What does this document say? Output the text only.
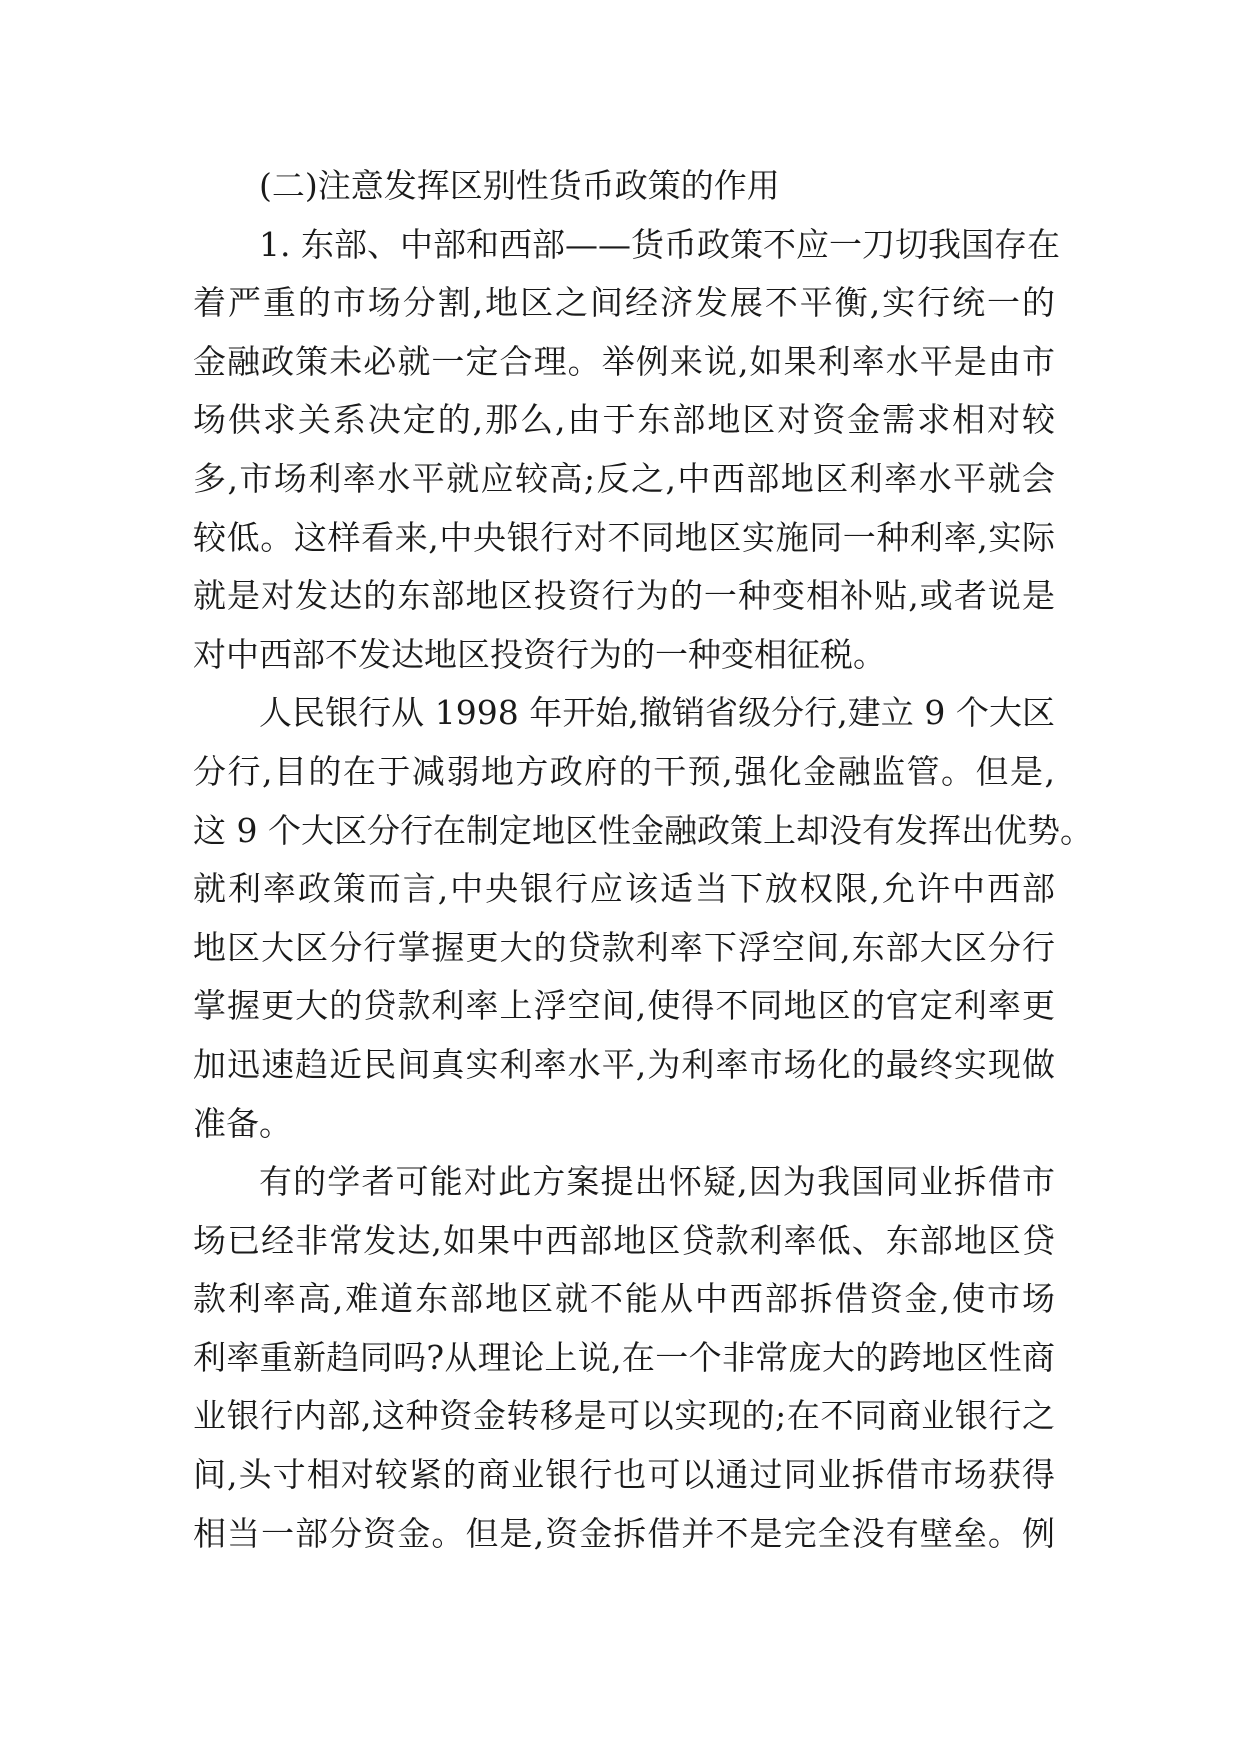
(二)注意发挥区别性货币政策的作用
1. 东部、中部和西部——货币政策不应一刀切我国存在
着严重的市场分割,地区之间经济发展不平衡,实行统一的
金融政策未必就一定合理。举例来说,如果利率水平是由市
场供求关系决定的,那么,由于东部地区对资金需求相对较
多,市场利率水平就应较高;反之,中西部地区利率水平就会
较低。这样看来,中央银行对不同地区实施同一种利率,实际
就是对发达的东部地区投资行为的一种变相补贴,或者说是
对中西部不发达地区投资行为的一种变相征税。
人民银行从 1998 年开始,撤销省级分行,建立 9 个大区
分行,目的在于减弱地方政府的干预,强化金融监管。但是,
这 9 个大区分行在制定地区性金融政策上却没有发挥出优势。
就利率政策而言,中央银行应该适当下放权限,允许中西部
地区大区分行掌握更大的贷款利率下浮空间,东部大区分行
掌握更大的贷款利率上浮空间,使得不同地区的官定利率更
加迅速趋近民间真实利率水平,为利率市场化的最终实现做
准备。
有的学者可能对此方案提出怀疑,因为我国同业拆借市
场已经非常发达,如果中西部地区贷款利率低、东部地区贷
款利率高,难道东部地区就不能从中西部拆借资金,使市场
利率重新趋同吗?从理论上说,在一个非常庞大的跨地区性商
业银行内部,这种资金转移是可以实现的;在不同商业银行之
间,头寸相对较紧的商业银行也可以通过同业拆借市场获得
相当一部分资金。但是,资金拆借并不是完全没有壁垒。例
